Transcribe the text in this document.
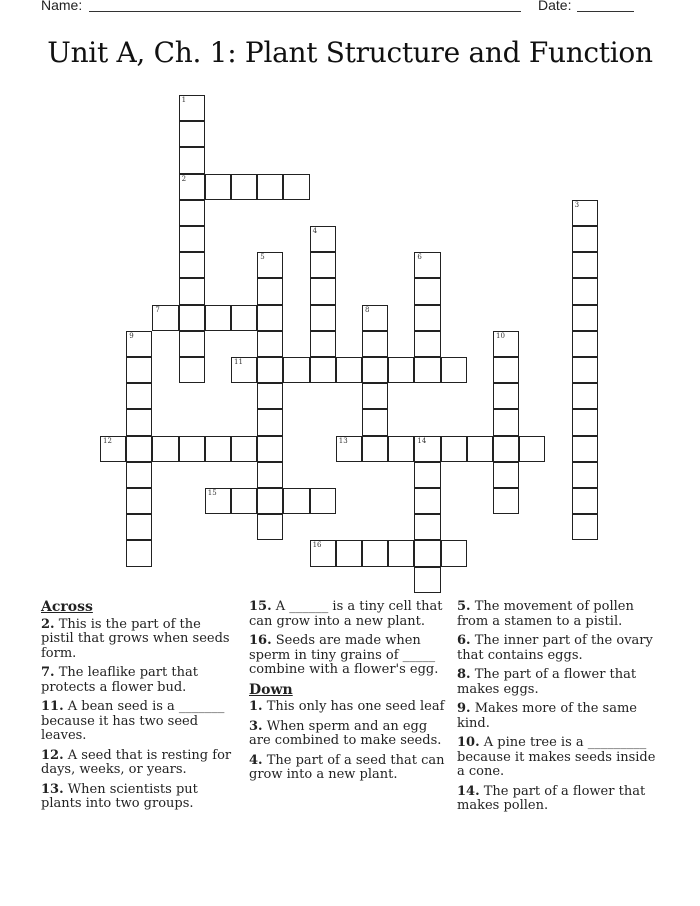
Name:	Date:
Unit A, Ch. 1: Plant Structure and Function
1
2
3
4
5	6
7	8
9	10
11
12	13	14
15
16
Across
2. This is the part of the pistil that grows when seeds form.
7. The leaflike part that protects a flower bud.
11. A bean seed is a _______ because it has two seed leaves.
12. A seed that is resting for days, weeks, or years.
13. When scientists put plants into two groups.
15. A ______ is a tiny cell that can grow into a new plant.
16. Seeds are made when sperm in tiny grains of _____ combine with a flower's egg.
Down
1. This only has one seed leaf
3. When sperm and an egg are combined to make seeds.
4. The part of a seed that can grow into a new plant.
5. The movement of pollen from a stamen to a pistil.
6. The inner part of the ovary that contains eggs.
8. The part of a flower that makes eggs.
9. Makes more of the same kind.
10. A pine tree is a _________ because it makes seeds inside a cone.
14. The part of a flower that makes pollen.
